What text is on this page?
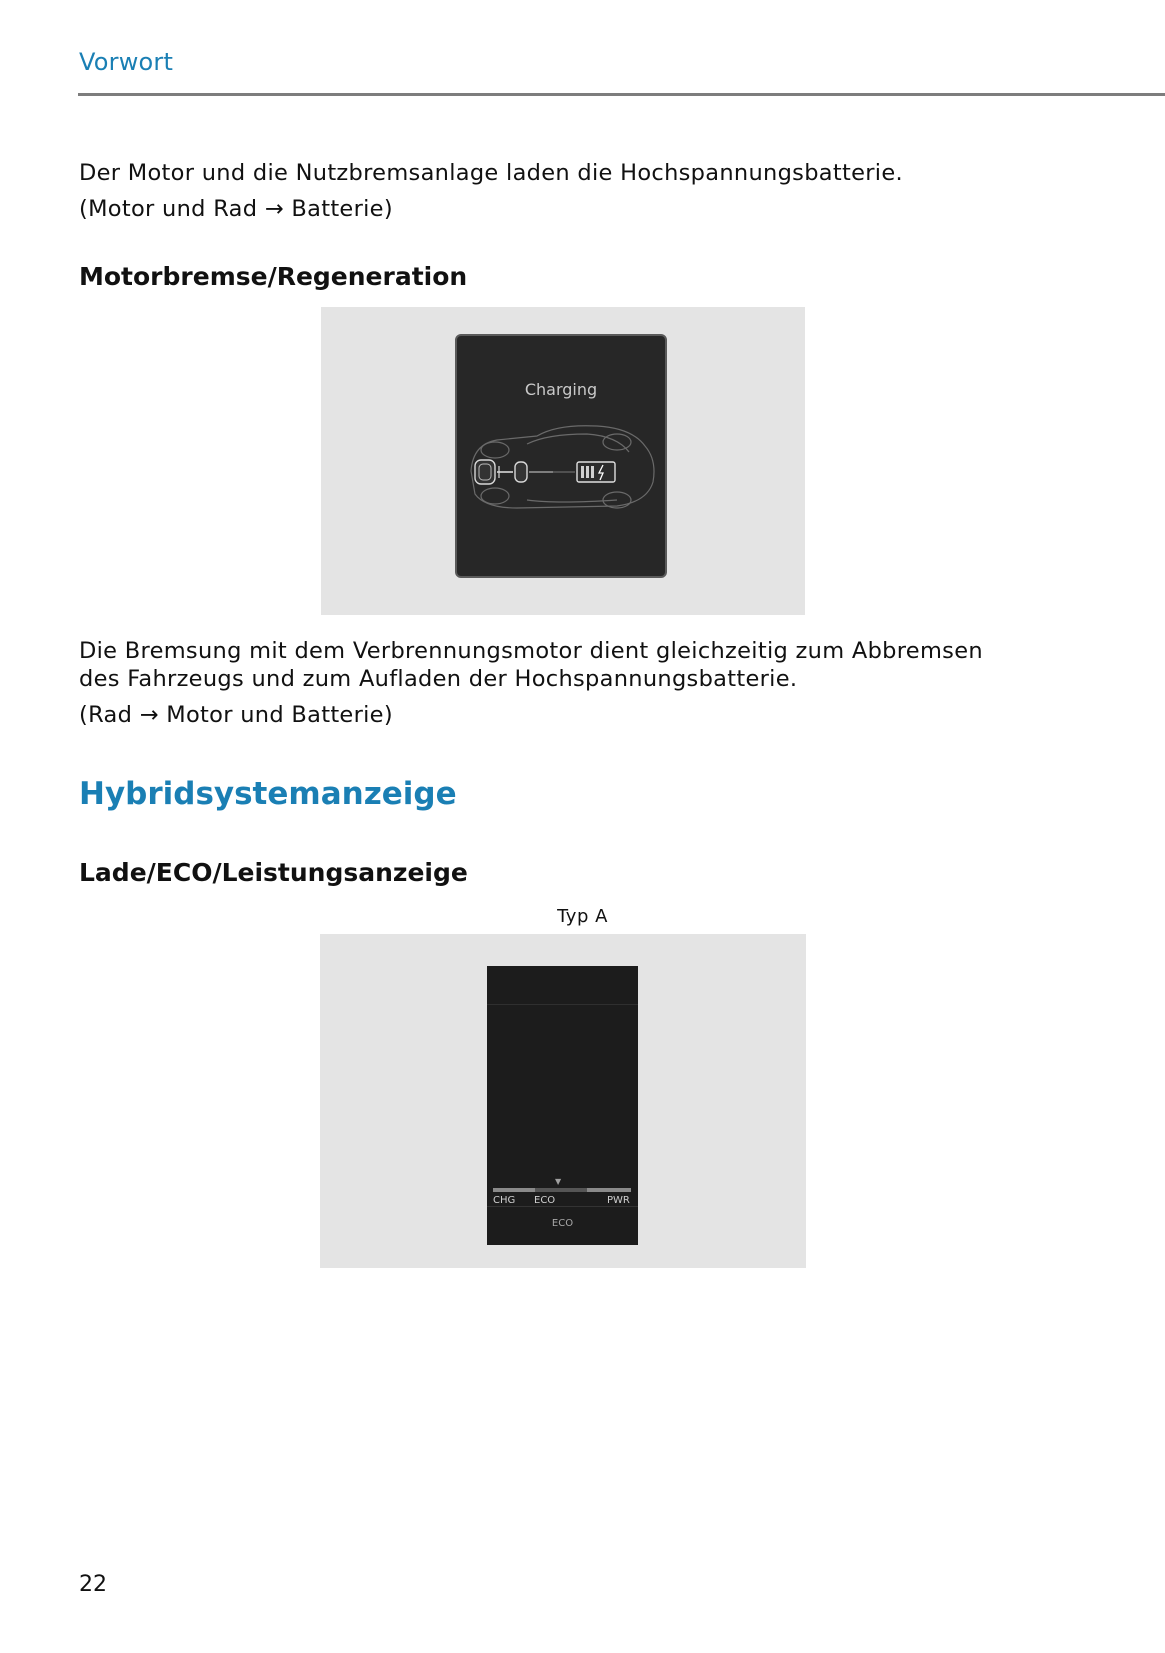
Vorwort

Der Motor und die Nutzbremsanlage laden die Hochspannungsbatterie.

(Motor und Rad → Batterie)

Motorbremse/Regeneration
Charging

Die Bremsung mit dem Verbrennungsmotor dient gleichzeitig zum Abbremsen

des Fahrzeugs und zum Aufladen der Hochspannungsbatterie.

(Rad → Motor und Batterie)

Hybridsystemanzeige
Lade/ECO/Leistungsanzeige
Typ A
▼
CHG ECO	PWR
ECO
22
